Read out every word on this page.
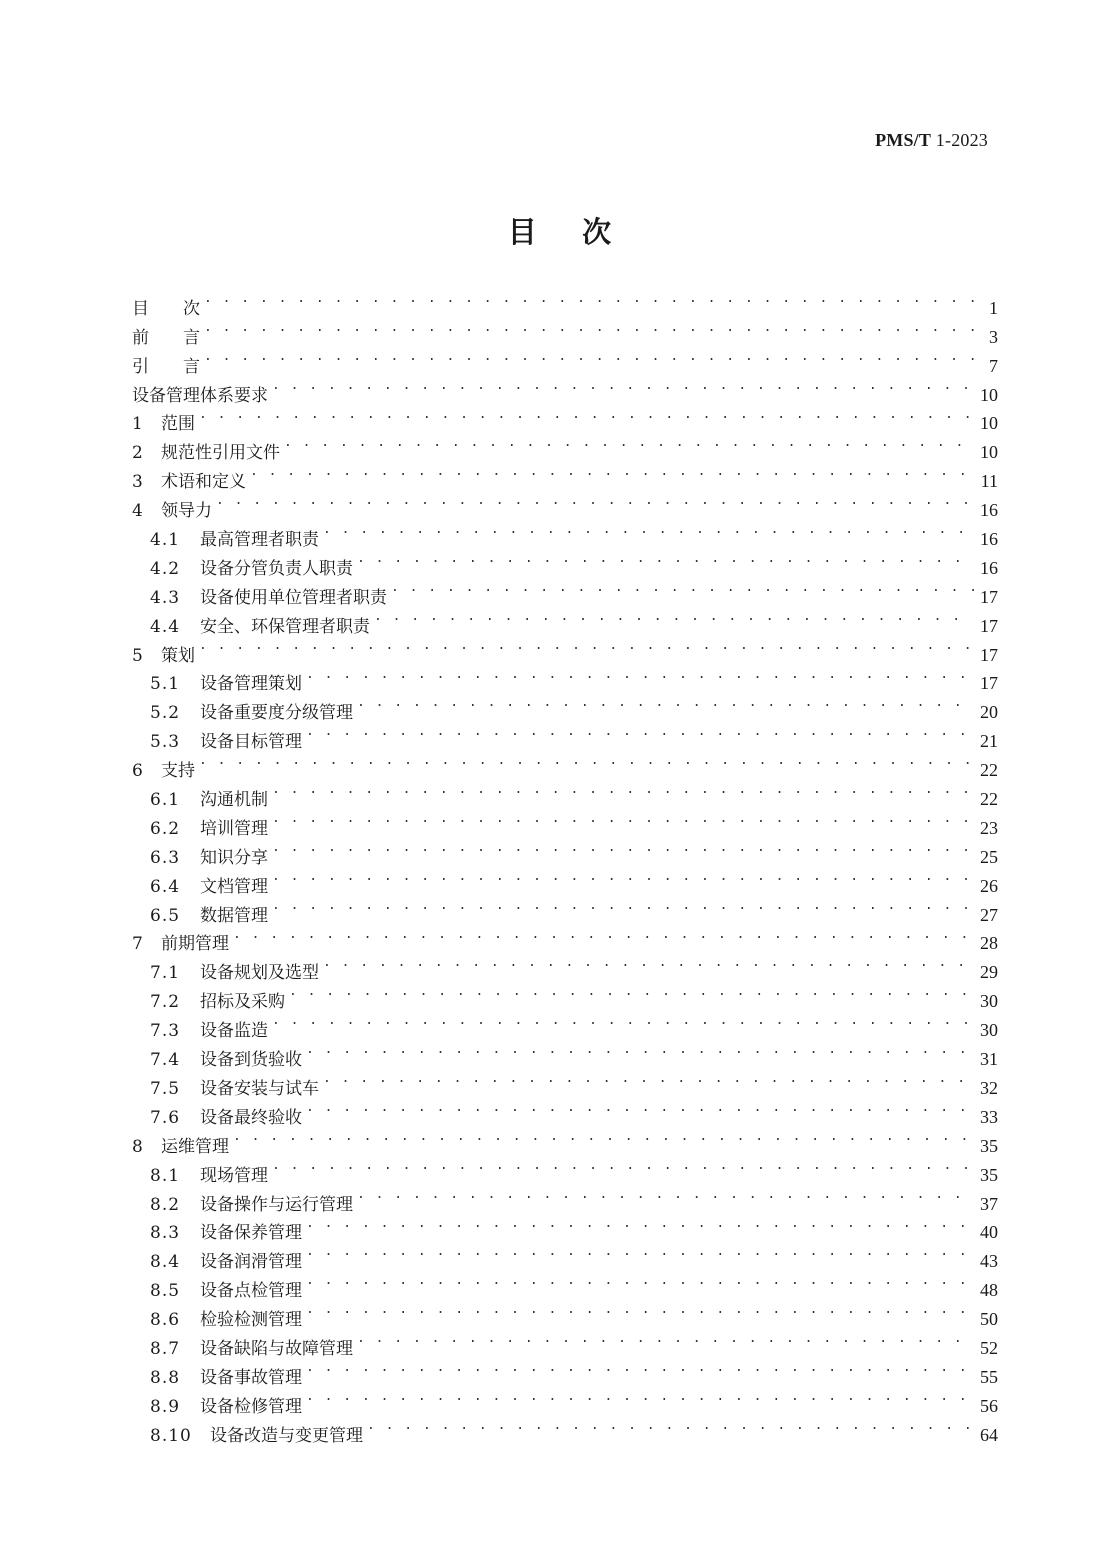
PMS/T 1-2023
目    次
目　　次 . . .	1
前　　言 . . .	3
引　　言 . . .	7
设备管理体系要求 . . .	10
1	范围 . . .	10
2	规范性引用文件 . . .	10
3	术语和定义 . . .	11
4	领导力 . . .	16
4.1	最高管理者职责 . . .	16
4.2	设备分管负责人职责 . . .	16
4.3	设备使用单位管理者职责 . . .	17
4.4	安全、环保管理者职责 . . .	17
5	策划 . . .	17
5.1	设备管理策划 . . .	17
5.2	设备重要度分级管理 . . .	20
5.3	设备目标管理 . . .	21
6	支持 . . .	22
6.1	沟通机制 . . .	22
6.2	培训管理 . . .	23
6.3	知识分享 . . .	25
6.4	文档管理 . . .	26
6.5	数据管理 . . .	27
7	前期管理 . . .	28
7.1	设备规划及选型 . . .	29
7.2	招标及采购 . . .	30
7.3	设备监造 . . .	30
7.4	设备到货验收 . . .	31
7.5	设备安装与试车 . . .	32
7.6	设备最终验收 . . .	33
8	运维管理 . . .	35
8.1	现场管理 . . .	35
8.2	设备操作与运行管理 . . .	37
8.3	设备保养管理 . . .	40
8.4	设备润滑管理 . . .	43
8.5	设备点检管理 . . .	48
8.6	检验检测管理 . . .	50
8.7	设备缺陷与故障管理 . . .	52
8.8	设备事故管理 . . .	55
8.9	设备检修管理 . . .	56
8.10	设备改造与变更管理 . . .	64
